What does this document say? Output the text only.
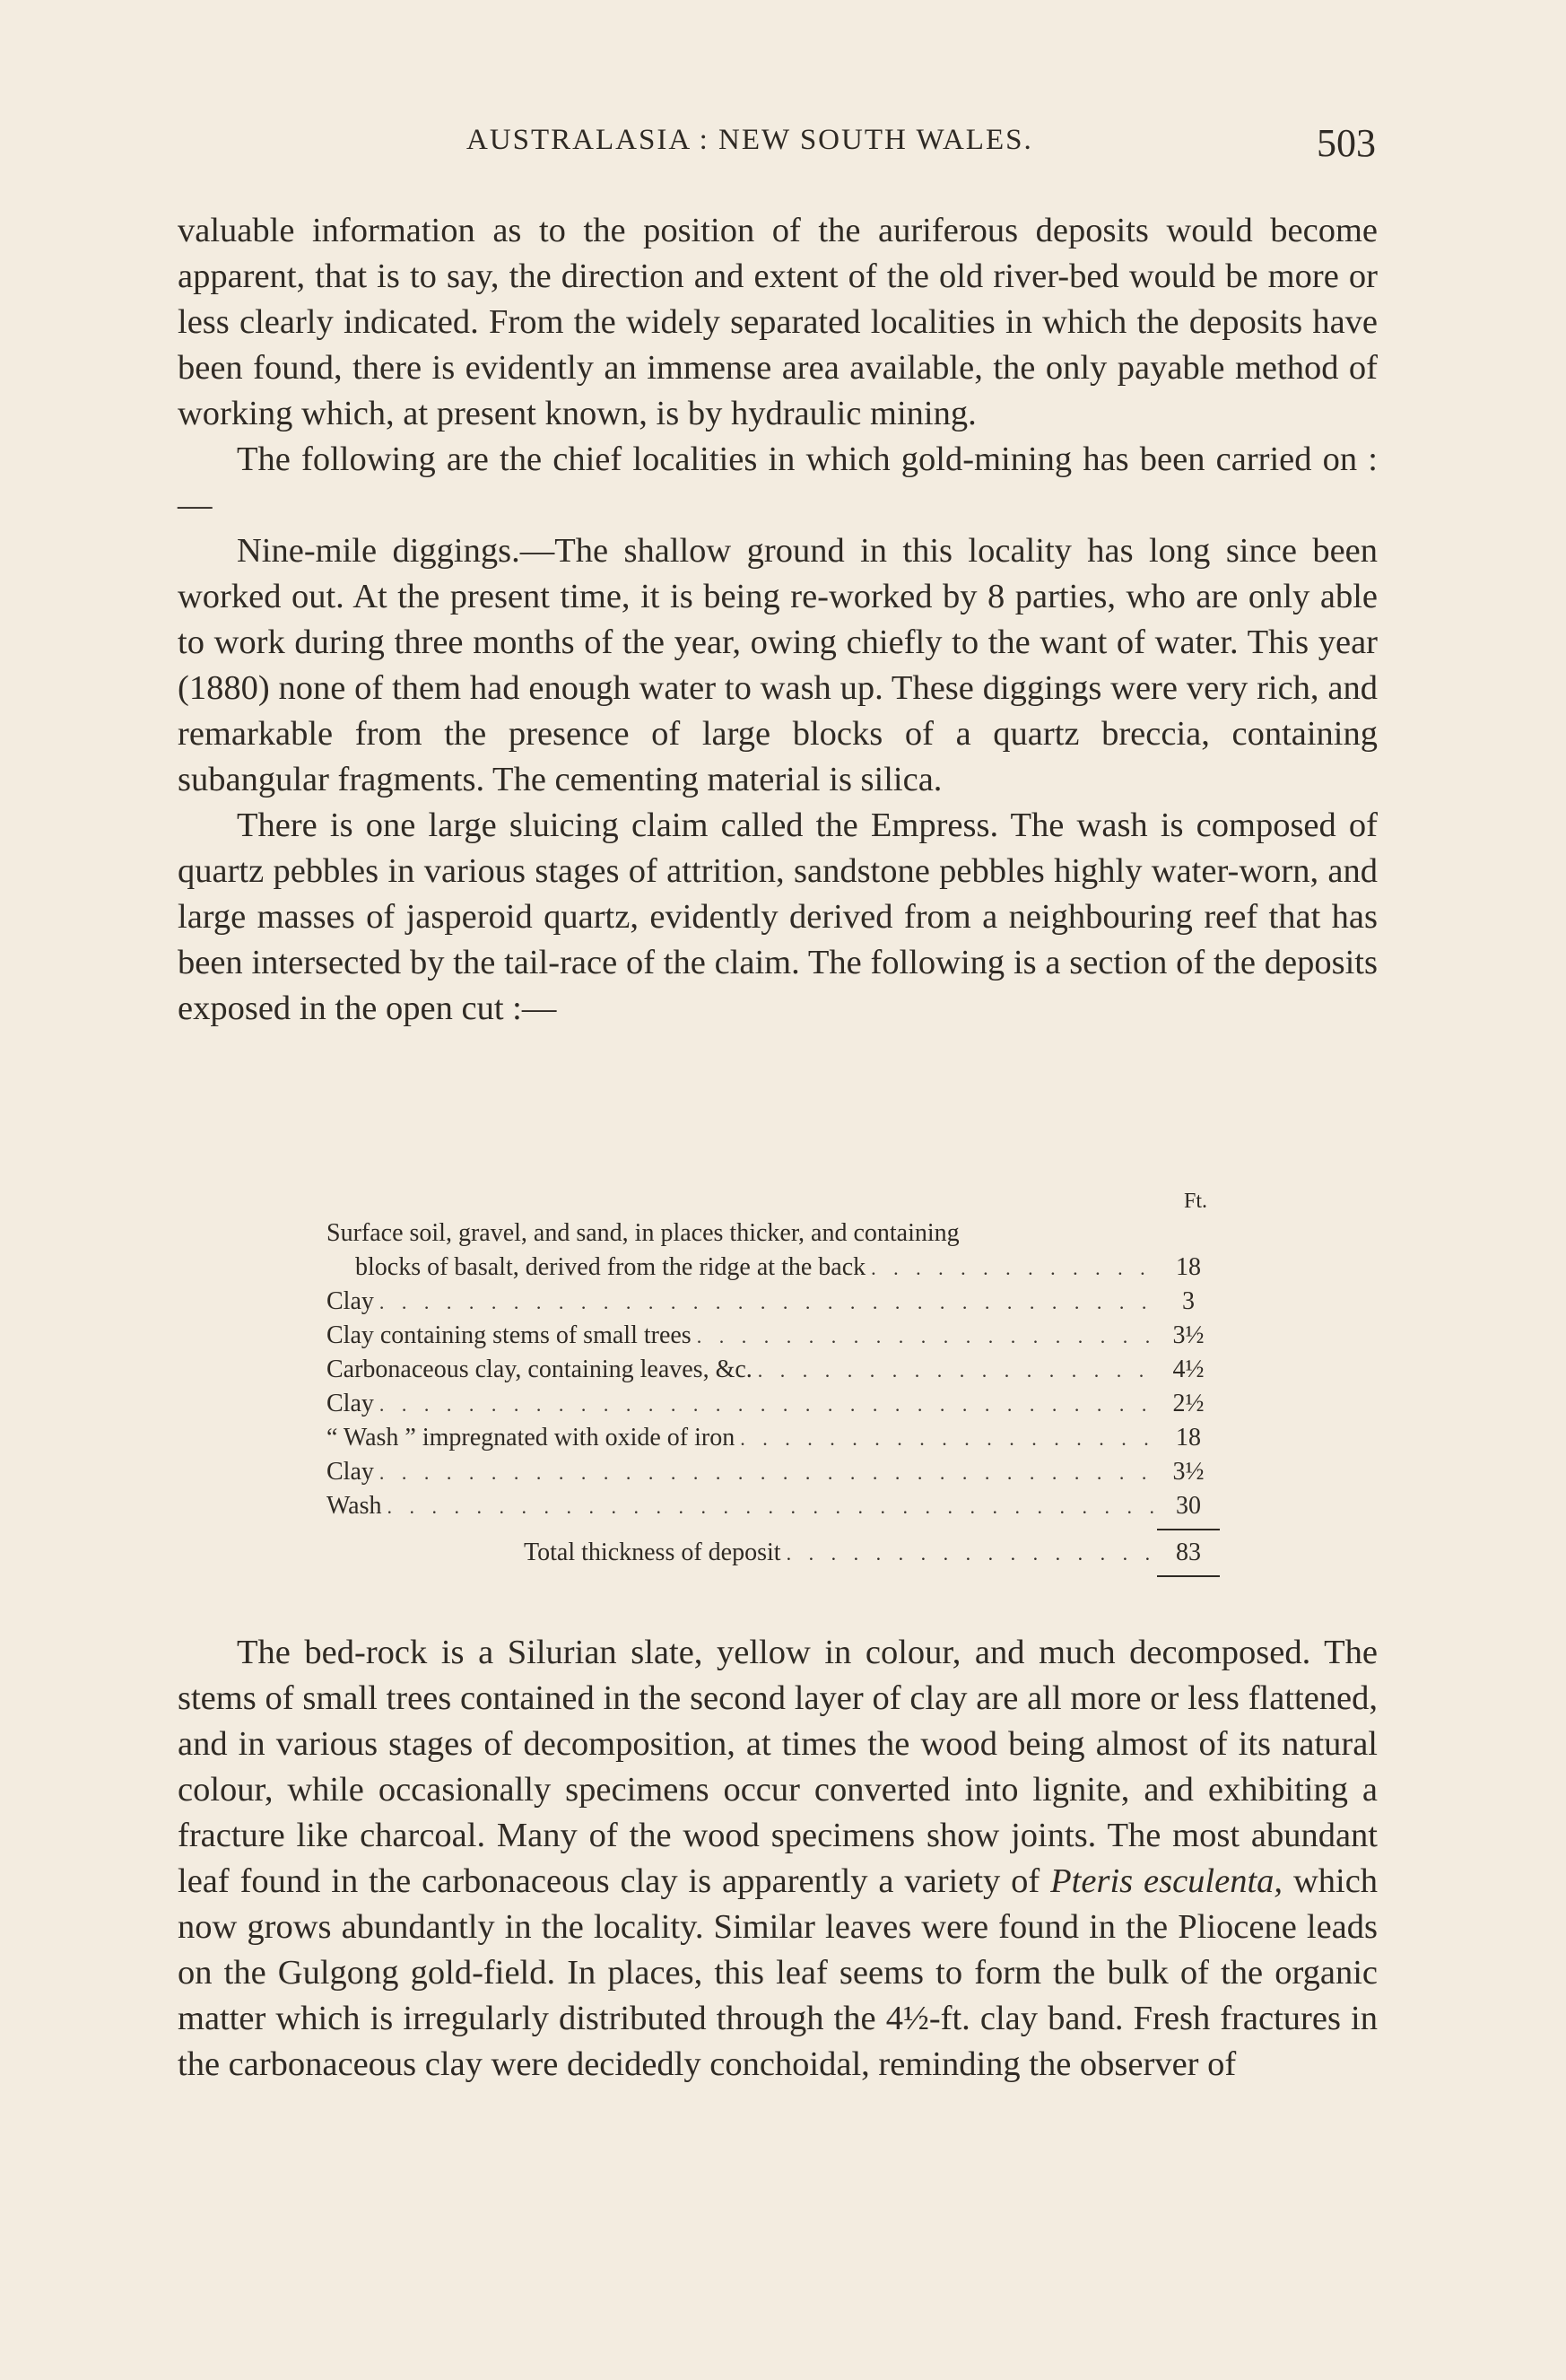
AUSTRALASIA : NEW SOUTH WALES.	503

valuable information as to the position of the auriferous deposits would become apparent, that is to say, the direction and extent of the old river-bed would be more or less clearly indicated. From the widely separated localities in which the deposits have been found, there is evidently an immense area available, the only payable method of working which, at present known, is by hydraulic mining.

The following are the chief localities in which gold-mining has been carried on :—

Nine-mile diggings.—The shallow ground in this locality has long since been worked out. At the present time, it is being re-worked by 8 parties, who are only able to work during three months of the year, owing chiefly to the want of water. This year (1880) none of them had enough water to wash up. These diggings were very rich, and remarkable from the presence of large blocks of a quartz breccia, containing subangular fragments. The cementing material is silica.

There is one large sluicing claim called the Empress. The wash is composed of quartz pebbles in various stages of attrition, sandstone pebbles highly water-worn, and large masses of jasperoid quartz, evidently derived from a neighbouring reef that has been intersected by the tail-race of the claim. The following is a section of the deposits exposed in the open cut :—

Ft.
Surface soil, gravel, and sand, in places thicker, and containing
blocks of basalt, derived from the ridge at the back . . .	18
Clay . . .	3
Clay containing stems of small trees . . .	3½
Carbonaceous clay, containing leaves, &c. . . .	4½
Clay . . .	2½
“ Wash ” impregnated with oxide of iron . . .	18
Clay . . .	3½
Wash . . .	30
Total thickness of deposit . . .	83

The bed-rock is a Silurian slate, yellow in colour, and much decomposed. The stems of small trees contained in the second layer of clay are all more or less flattened, and in various stages of decomposition, at times the wood being almost of its natural colour, while occasionally specimens occur converted into lignite, and exhibiting a fracture like charcoal. Many of the wood specimens show joints. The most abundant leaf found in the carbonaceous clay is apparently a variety of Pteris esculenta, which now grows abundantly in the locality. Similar leaves were found in the Pliocene leads on the Gulgong gold-field. In places, this leaf seems to form the bulk of the organic matter which is irregularly distributed through the 4½-ft. clay band. Fresh fractures in the carbonaceous clay were decidedly conchoidal, reminding the observer of
